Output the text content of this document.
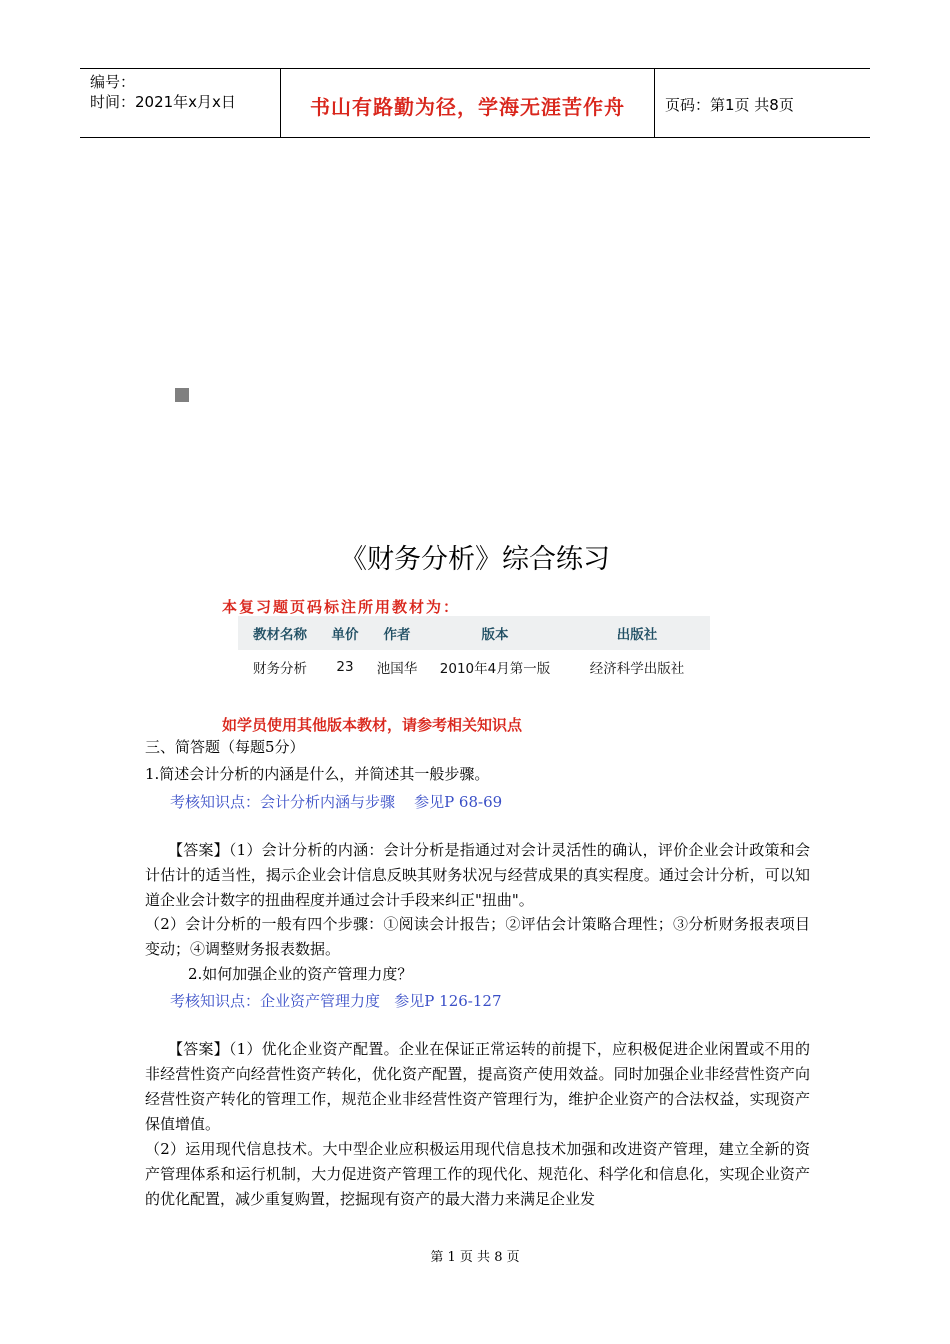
编号：
时间：2021年x月x日	书山有路勤为径，学海无涯苦作舟	页码：第1页 共8页
《财务分析》综合练习
本复习题页码标注所用教材为：
教材名称	单价	作者	版本	出版社
财务分析	23	池国华	2010年4月第一版	经济科学出版社
如学员使用其他版本教材，请参考相关知识点

三、简答题（每题5分）

1.简述会计分析的内涵是什么，并简述其一般步骤。

考核知识点：会计分析内涵与步骤    参见P 68-69

　　【答案】（1）会计分析的内涵：会计分析是指通过对会计灵活性的确认，评价企业会计政策和会计估计的适当性，揭示企业会计信息反映其财务状况与经营成果的真实程度。通过会计分析，可以知道企业会计数字的扭曲程度并通过会计手段来纠正"扭曲"。

（2）会计分析的一般有四个步骤：①阅读会计报告；②评估会计策略合理性；③分析财务报表项目变动；④调整财务报表数据。

2.如何加强企业的资产管理力度？

考核知识点：企业资产管理力度   参见P 126-127

　　【答案】（1）优化企业资产配置。企业在保证正常运转的前提下，应积极促进企业闲置或不用的非经营性资产向经营性资产转化，优化资产配置，提高资产使用效益。同时加强企业非经营性资产向经营性资产转化的管理工作，规范企业非经营性资产管理行为，维护企业资产的合法权益，实现资产保值增值。

（2）运用现代信息技术。大中型企业应积极运用现代信息技术加强和改进资产管理，建立全新的资产管理体系和运行机制，大力促进资产管理工作的现代化、规范化、科学化和信息化，实现企业资产的优化配置，减少重复购置，挖掘现有资产的最大潜力来满足企业发

第 1 页 共 8 页
